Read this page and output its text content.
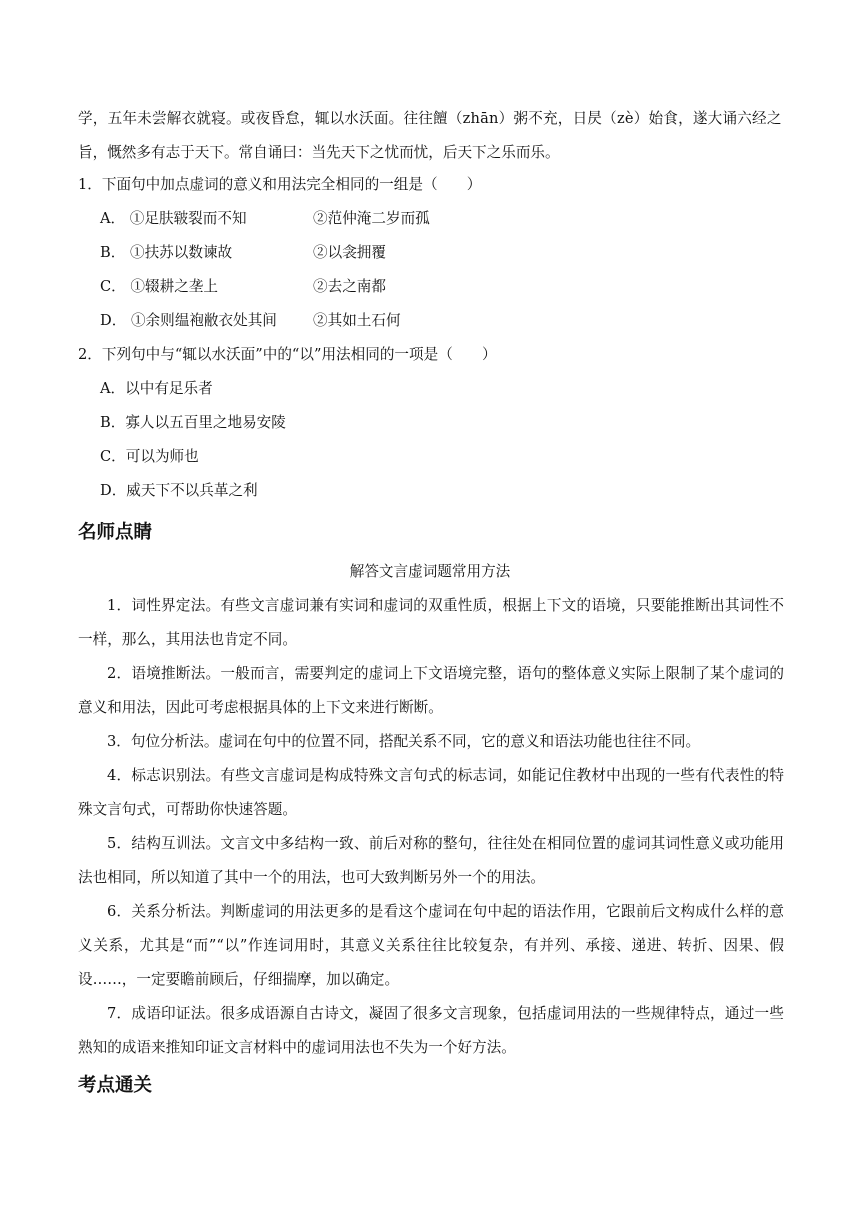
学，五年未尝解衣就寝。或夜昏怠，辄以水沃面。往往饘（zhān）粥不充，日昃（zè）始食，遂大诵六经之
旨，慨然多有志于天下。常自诵曰：当先天下之忧而忧，后天下之乐而乐。
1．下面句中加点虚词的意义和用法完全相同的一组是（　　）
A． ①足肤皲裂而不知	②范仲淹二岁而孤
B． ①扶苏以数谏故	②以衾拥覆
C． ①辍耕之垄上	②去之南都
D． ①余则缊袍敝衣处其间 ②其如土石何
2．下列句中与“辄以水沃面”中的“以”用法相同的一项是（　　）
A．以中有足乐者
B．寡人以五百里之地易安陵
C．可以为师也
D．威天下不以兵革之利
名师点睛
解答文言虚词题常用方法
1．词性界定法。有些文言虚词兼有实词和虚词的双重性质，根据上下文的语境，只要能推断出其词性不一样，那么，其用法也肯定不同。
2．语境推断法。一般而言，需要判定的虚词上下文语境完整，语句的整体意义实际上限制了某个虚词的意义和用法，因此可考虑根据具体的上下文来进行断断。
3．句位分析法。虚词在句中的位置不同，搭配关系不同，它的意义和语法功能也往往不同。
4．标志识别法。有些文言虚词是构成特殊文言句式的标志词，如能记住教材中出现的一些有代表性的特殊文言句式，可帮助你快速答题。
5．结构互训法。文言文中多结构一致、前后对称的整句，往往处在相同位置的虚词其词性意义或功能用法也相同，所以知道了其中一个的用法，也可大致判断另外一个的用法。
6．关系分析法。判断虚词的用法更多的是看这个虚词在句中起的语法作用，它跟前后文构成什么样的意义关系，尤其是“而”“以”作连词用时，其意义关系往往比较复杂，有并列、承接、递进、转折、因果、假设……，一定要瞻前顾后，仔细揣摩，加以确定。
7．成语印证法。很多成语源自古诗文，凝固了很多文言现象，包括虚词用法的一些规律特点，通过一些熟知的成语来推知印证文言材料中的虚词用法也不失为一个好方法。
考点通关
